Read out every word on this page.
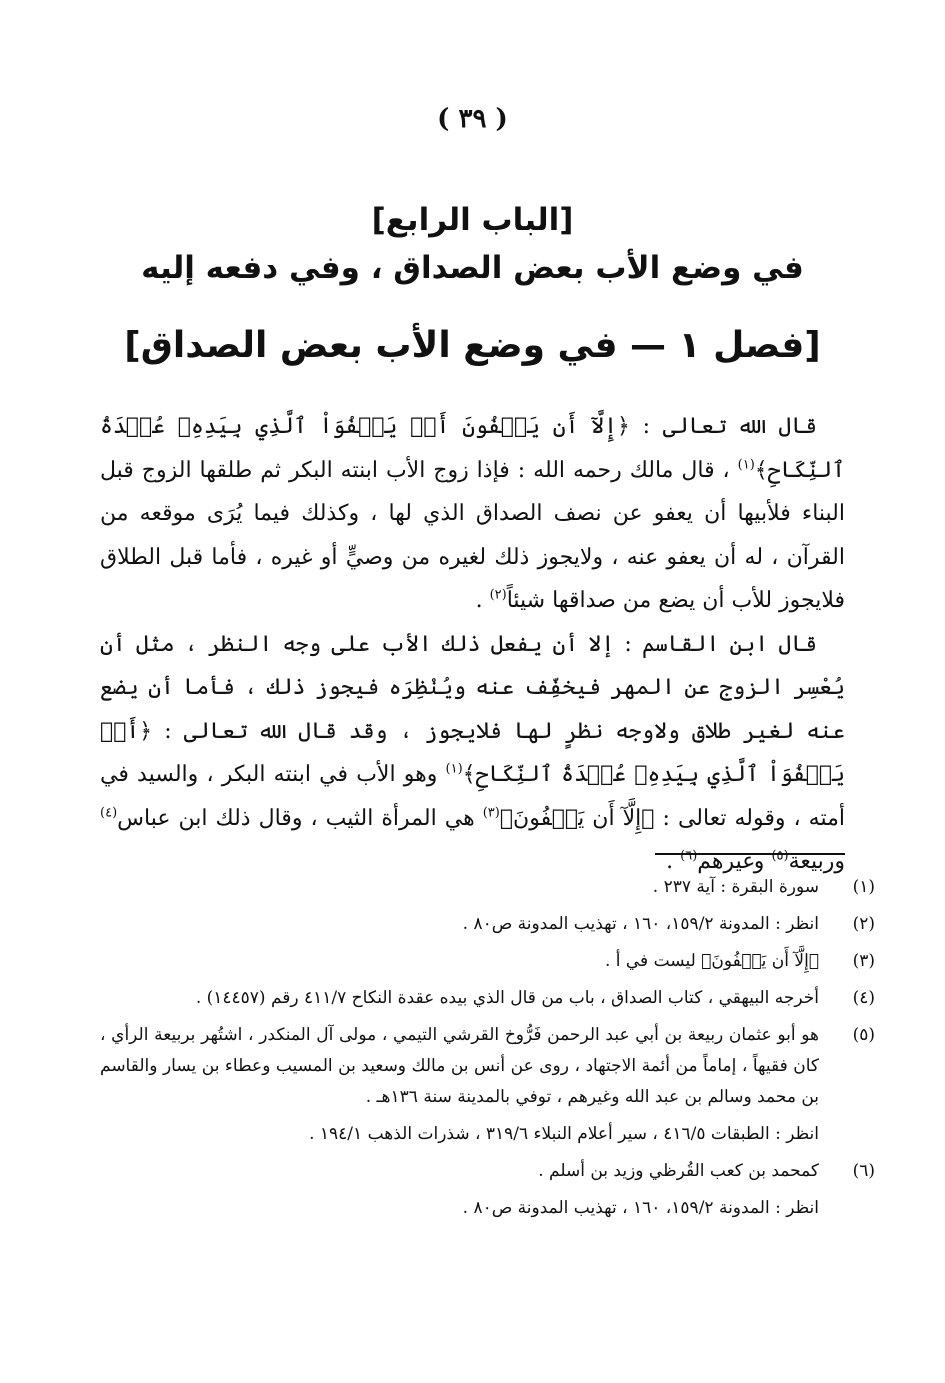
( ٣٩ )
[الباب الرابع]
في وضع الأب بعض الصداق ، وفي دفعه إليه
[فصل ١ — في وضع الأب بعض الصداق]

قال الله تعالى : ﴿إِلَّآ أَن يَعۡفُونَ أَوۡ يَعۡفُوَاْ ٱلَّذِي بِيَدِهِۦ عُقۡدَةُ ٱلنِّكَاحِ﴾$^{(١)}$ ، قال مالك رحمه الله : فإذا زوج الأب ابنته البكر ثم طلقها الزوج قبل البناء فلأبيها أن يعفو عن نصف الصداق الذي لها ، وكذلك فيما يُرَى موقعه من القرآن ، له أن يعفو عنه ، ولايجوز ذلك لغيره من وصيٍّ أو غيره ، فأما قبل الطلاق فلايجوز للأب أن يضع من صداقها شيئاً$^{(٢)}$ .

قال ابن القاسم : إلا أن يفعل ذلك الأب على وجه النظر ، مثل أن يُعْسِر الزوج عن المهر فيخفِّف عنه ويُنْظِرَه فيجوز ذلك ، فأما أن يضع عنه لغير طلاق ولاوجه نظرٍ لها فلايجوز ، وقد قال الله تعالى : ﴿أَوۡ يَعۡفُوَاْ ٱلَّذِي بِيَدِهِۦ عُقۡدَةُ ٱلنِّكَاحِ﴾$^{(١)}$ وهو الأب في ابنته البكر ، والسيد في أمته ، وقوله تعالى : ﴿إِلَّآ أَن يَعۡفُونَ﴾$^{(٣)}$ هي المرأة الثيب ، وقال ذلك ابن عباس$^{(٤)}$ وربيعة$^{(٥)}$ وغيرهم$^{(٦)}$ .

(١)
سورة البقرة : آية ٢٣٧ .
(٢)
انظر : المدونة ١٥٩/٢، ١٦٠ ، تهذيب المدونة ص٨٠ .
(٣)
﴿إِلَّآ أَن يَعۡفُونَ﴾ ليست في أ .
(٤)
أخرجه البيهقي ، كتاب الصداق ، باب من قال الذي بيده عقدة النكاح ٤١١/٧ رقم (١٤٤٥٧) .
(٥)
هو أبو عثمان ربيعة بن أبي عبد الرحمن فَرُّوخ القرشي التيمي ، مولى آل المنكدر ، اشتُهر بربيعة الرأي ، كان فقيهاً ، إماماً من أئمة الاجتهاد ، روى عن أنس بن مالك وسعيد بن المسيب وعطاء بن يسار والقاسم بن محمد وسالم بن عبد الله وغيرهم ، توفي بالمدينة سنة ١٣٦هـ .
انظر : الطبقات ٤١٦/٥ ، سير أعلام النبلاء ٣١٩/٦ ، شذرات الذهب ١٩٤/١ .
(٦)
كمحمد بن كعب القُرظي وزيد بن أسلم .
انظر : المدونة ١٥٩/٢، ١٦٠ ، تهذيب المدونة ص٨٠ .
